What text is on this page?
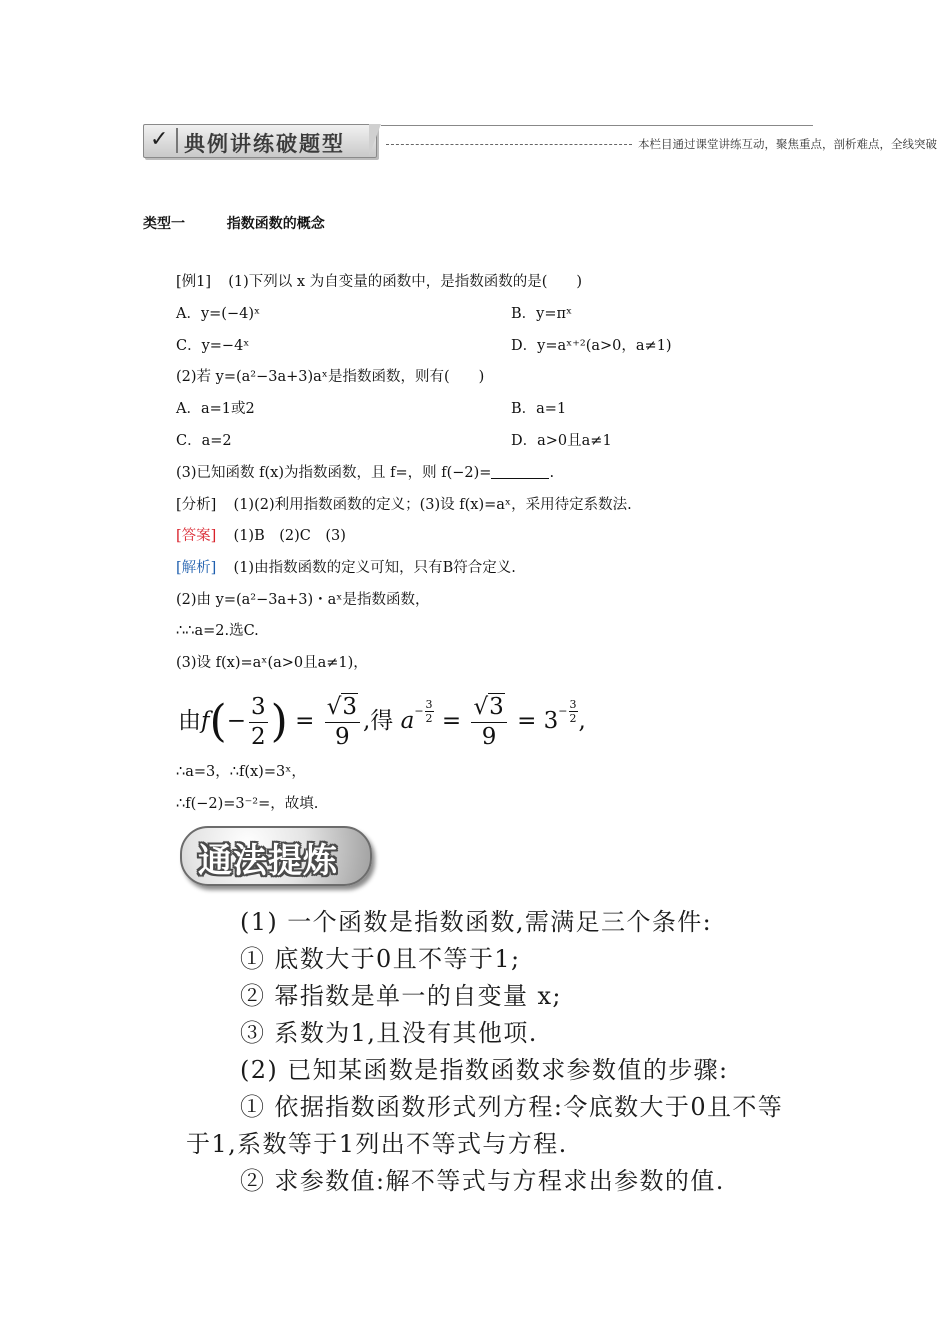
✓ 典例讲练破题型	本栏目通过课堂讲练互动，聚焦重点，剖析难点，全线突破
类型一	指数函数的概念
[例1] (1)下列以 x 为自变量的函数中，是指数函数的是(　　)
A．y=(−4)ˣ	B．y=πˣ
C．y=−4ˣ	D．y=aˣ⁺²(a>0，a≠1)
(2)若 y=(a²−3a+3)aˣ是指数函数，则有(　　)
A．a=1或2	B．a=1
C．a=2	D．a>0且a≠1
(3)已知函数 f(x)为指数函数，且 f=，则 f(−2)=	.
[分析] (1)(2)利用指数函数的定义；(3)设 f(x)=aˣ，采用待定系数法.
[答案] (1)B　(2)C　(3)
[解析] (1)由指数函数的定义可知，只有B符合定义.
(2)由 y=(a²−3a+3)・aˣ是指数函数，
∴∴a=2.选C.
(3)设 f(x)=aˣ(a>0且a≠1)，
由$f(- \frac{3}{2}$ ) = $\frac{√3}{9}$ ,得 $a- \frac{3}{2} = \frac{√3}{9} = 3- \frac{3}{2}$ ,
∴a=3，∴f(x)=3ˣ，
∴f(−2)=3⁻²=，故填.
通法提炼
(1) 一个函数是指数函数,需满足三个条件:
① 底数大于0且不等于1;
② 幂指数是单一的自变量 x;
③ 系数为1,且没有其他项.
(2) 已知某函数是指数函数求参数值的步骤:
① 依据指数函数形式列方程:令底数大于0且不等
于1,系数等于1列出不等式与方程.
② 求参数值:解不等式与方程求出参数的值.
